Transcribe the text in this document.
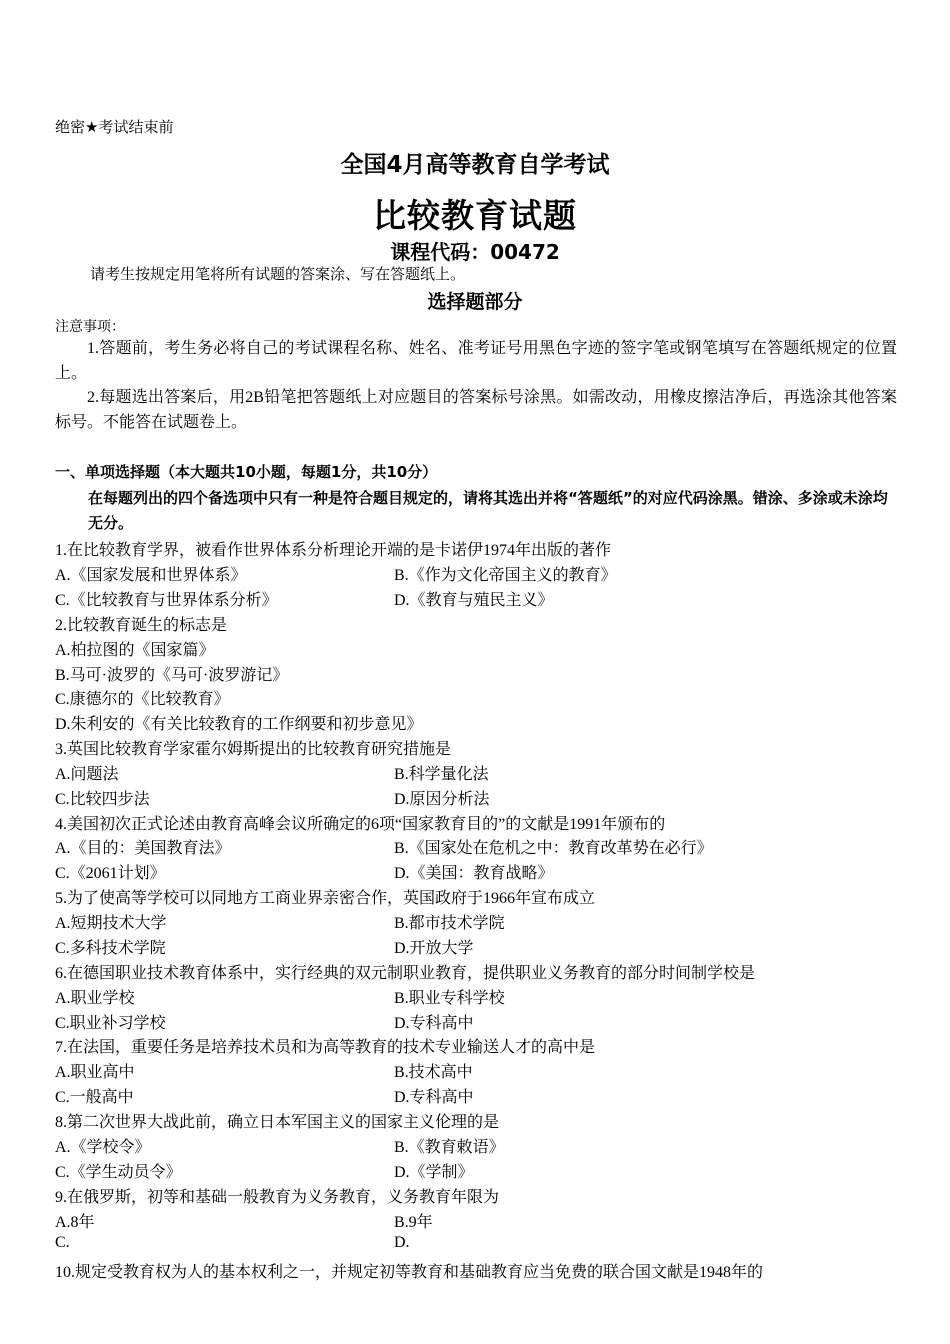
绝密★考试结束前
全国4月高等教育自学考试
比较教育试题
课程代码：00472
请考生按规定用笔将所有试题的答案涂、写在答题纸上。
选择题部分
注意事项：
1.答题前，考生务必将自己的考试课程名称、姓名、准考证号用黑色字迹的签字笔或钢笔填写在答题纸规定的位置上。
2.每题选出答案后，用2B铅笔把答题纸上对应题目的答案标号涂黑。如需改动，用橡皮擦洁净后，再选涂其他答案标号。不能答在试题卷上。
一、单项选择题（本大题共10小题，每题1分，共10分）
在每题列出的四个备选项中只有一种是符合题目规定的，请将其选出并将“答题纸”的对应代码涂黑。错涂、多涂或未涂均无分。
1.在比较教育学界，被看作世界体系分析理论开端的是卡诺伊1974年出版的著作
A.《国家发展和世界体系》	B.《作为文化帝国主义的教育》
C.《比较教育与世界体系分析》	D.《教育与殖民主义》
2.比较教育诞生的标志是
A.柏拉图的《国家篇》
B.马可·波罗的《马可·波罗游记》
C.康德尔的《比较教育》
D.朱利安的《有关比较教育的工作纲要和初步意见》
3.英国比较教育学家霍尔姆斯提出的比较教育研究措施是
A.问题法	B.科学量化法
C.比较四步法	D.原因分析法
4.美国初次正式论述由教育高峰会议所确定的6项“国家教育目的”的文献是1991年颁布的
A.《目的：美国教育法》	B.《国家处在危机之中：教育改革势在必行》
C.《2061计划》	D.《美国：教育战略》
5.为了使高等学校可以同地方工商业界亲密合作，英国政府于1966年宣布成立
A.短期技术大学	B.都市技术学院
C.多科技术学院	D.开放大学
6.在德国职业技术教育体系中，实行经典的双元制职业教育，提供职业义务教育的部分时间制学校是
A.职业学校	B.职业专科学校
C.职业补习学校	D.专科高中
7.在法国，重要任务是培养技术员和为高等教育的技术专业输送人才的高中是
A.职业高中	B.技术高中
C.一般高中	D.专科高中
8.第二次世界大战此前，确立日本军国主义的国家主义伦理的是
A.《学校令》	B.《教育敕语》
C.《学生动员令》	D.《学制》
9.在俄罗斯，初等和基础一般教育为义务教育，义务教育年限为
A.8年	B.9年
C.	D.
10.规定受教育权为人的基本权利之一，并规定初等教育和基础教育应当免费的联合国文献是1948年的
